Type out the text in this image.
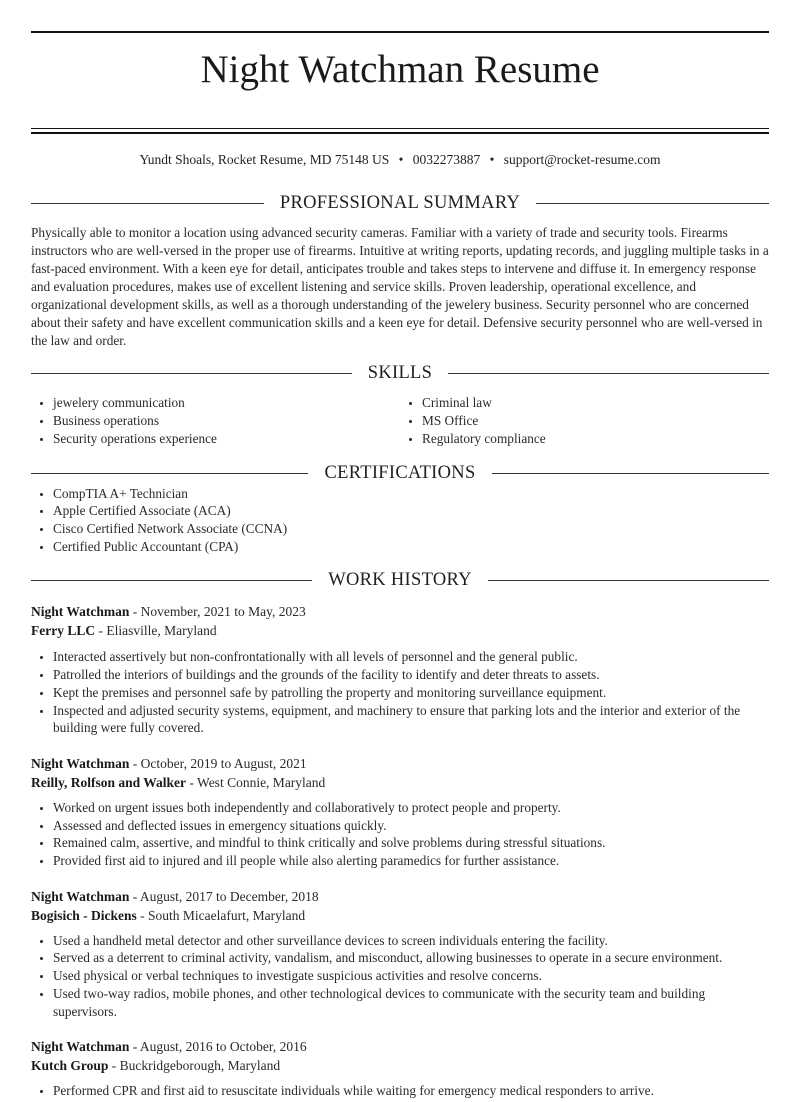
Night Watchman Resume
Yundt Shoals, Rocket Resume, MD 75148 US • 0032273887 • support@rocket-resume.com
PROFESSIONAL SUMMARY

Physically able to monitor a location using advanced security cameras. Familiar with a variety of trade and security tools. Firearms instructors who are well-versed in the proper use of firearms. Intuitive at writing reports, updating records, and juggling multiple tasks in a fast-paced environment. With a keen eye for detail, anticipates trouble and takes steps to intervene and diffuse it. In emergency response and evaluation procedures, makes use of excellent listening and service skills. Proven leadership, operational excellence, and organizational development skills, as well as a thorough understanding of the jewelery business. Security personnel who are concerned about their safety and have excellent communication skills and a keen eye for detail. Defensive security personnel who are well-versed in the law and order.

SKILLS
• jewelery communication
• Business operations
• Security operations experience
• Criminal law
• MS Office
• Regulatory compliance
CERTIFICATIONS
• CompTIA A+ Technician
• Apple Certified Associate (ACA)
• Cisco Certified Network Associate (CCNA)
• Certified Public Accountant (CPA)
WORK HISTORY
Night Watchman - November, 2021 to May, 2023
Ferry LLC - Eliasville, Maryland
• Interacted assertively but non-confrontationally with all levels of personnel and the general public.
• Patrolled the interiors of buildings and the grounds of the facility to identify and deter threats to assets.
• Kept the premises and personnel safe by patrolling the property and monitoring surveillance equipment.
• Inspected and adjusted security systems, equipment, and machinery to ensure that parking lots and the interior and exterior of the building were fully covered.
Night Watchman - October, 2019 to August, 2021
Reilly, Rolfson and Walker - West Connie, Maryland
• Worked on urgent issues both independently and collaboratively to protect people and property.
• Assessed and deflected issues in emergency situations quickly.
• Remained calm, assertive, and mindful to think critically and solve problems during stressful situations.
• Provided first aid to injured and ill people while also alerting paramedics for further assistance.
Night Watchman - August, 2017 to December, 2018
Bogisich - Dickens - South Micaelafurt, Maryland
• Used a handheld metal detector and other surveillance devices to screen individuals entering the facility.
• Served as a deterrent to criminal activity, vandalism, and misconduct, allowing businesses to operate in a secure environment.
• Used physical or verbal techniques to investigate suspicious activities and resolve concerns.
• Used two-way radios, mobile phones, and other technological devices to communicate with the security team and building supervisors.
Night Watchman - August, 2016 to October, 2016
Kutch Group - Buckridgeborough, Maryland
• Performed CPR and first aid to resuscitate individuals while waiting for emergency medical responders to arrive.
